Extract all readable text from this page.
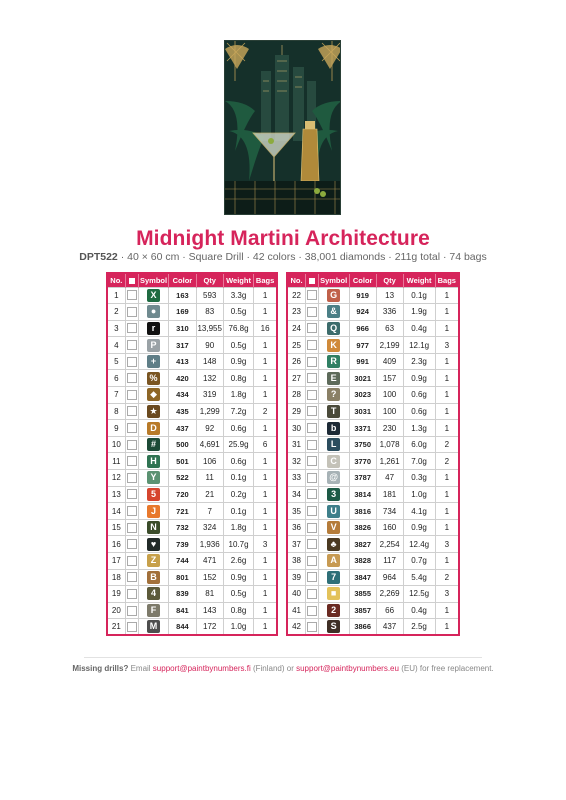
Midnight Martini Architecture
DPT522 · 40 × 60 cm · Square Drill · 42 colors · 38,001 diamonds · 211g total · 74 bags
No.		Symbol	Color	Qty	Weight	Bags
1		X	163	593	3.3g	1
2		●	169	83	0.5g	1
3		r	310	13,955	76.8g	16
4		P	317	90	0.5g	1
5		+	413	148	0.9g	1
6		%	420	132	0.8g	1
7		◆	434	319	1.8g	1
8		★	435	1,299	7.2g	2
9		D	437	92	0.6g	1
10		#	500	4,691	25.9g	6
11		H	501	106	0.6g	1
12		Y	522	11	0.1g	1
13		5	720	21	0.2g	1
14		J	721	7	0.1g	1
15		N	732	324	1.8g	1
16		♥	739	1,936	10.7g	3
17		Z	744	471	2.6g	1
18		B	801	152	0.9g	1
19		4	839	81	0.5g	1
20		F	841	143	0.8g	1
21		M	844	172	1.0g	1
No.		Symbol	Color	Qty	Weight	Bags
22		G	919	13	0.1g	1
23		&	924	336	1.9g	1
24		Q	966	63	0.4g	1
25		K	977	2,199	12.1g	3
26		R	991	409	2.3g	1
27		E	3021	157	0.9g	1
28		?	3023	100	0.6g	1
29		T	3031	100	0.6g	1
30		b	3371	230	1.3g	1
31		L	3750	1,078	6.0g	2
32		C	3770	1,261	7.0g	2
33		@	3787	47	0.3g	1
34		3	3814	181	1.0g	1
35		U	3816	734	4.1g	1
36		V	3826	160	0.9g	1
37		♣	3827	2,254	12.4g	3
38		A	3828	117	0.7g	1
39		7	3847	964	5.4g	2
40		■	3855	2,269	12.5g	3
41		2	3857	66	0.4g	1
42		S	3866	437	2.5g	1
Missing drills? Email support@paintbynumbers.fi (Finland) or support@paintbynumbers.eu (EU) for free replacement.
